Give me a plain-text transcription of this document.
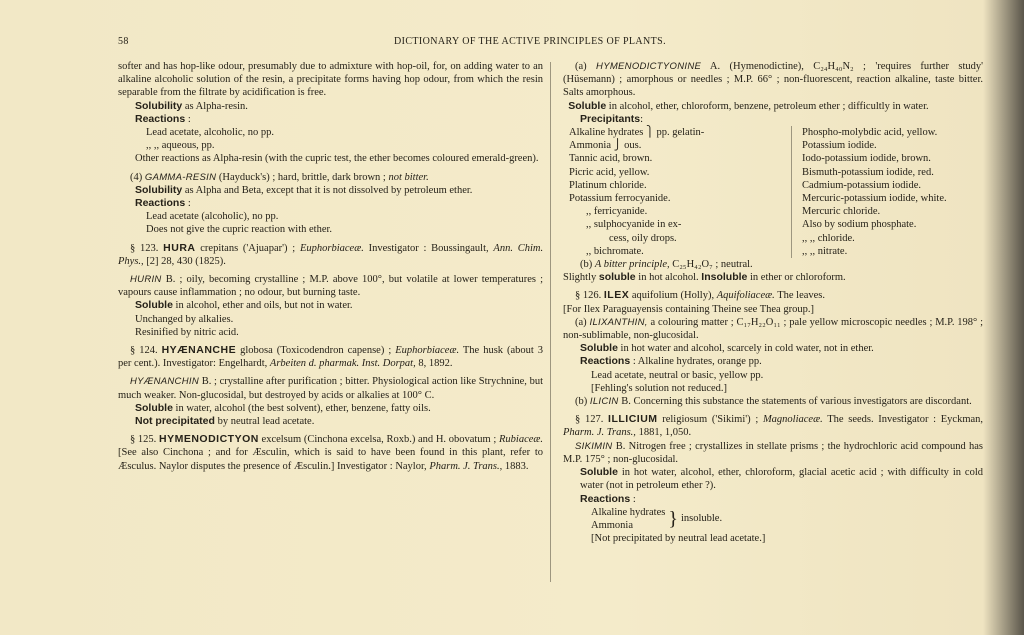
58	DICTIONARY OF THE ACTIVE PRINCIPLES OF PLANTS.

softer and has hop-like odour, presumably due to admixture with hop-oil, for, on adding water to an alkaline alcoholic solution of the resin, a precipitate forms having hop odour, from which the resin separable from the filtrate by acidification is free.

Solubility as Alpha-resin.

Reactions :

Lead acetate, alcoholic, no pp.

,, ,, aqueous, pp.

Other reactions as Alpha-resin (with the cupric test, the ether becomes coloured emerald-green).

(4) GAMMA-RESIN (Hayduck's) ; hard, brittle, dark brown ; not bitter.

Solubility as Alpha and Beta, except that it is not dissolved by petroleum ether.

Reactions :

Lead acetate (alcoholic), no pp.

Does not give the cupric reaction with ether.

§ 123. HURA crepitans ('Ajuapar') ; Euphorbiaceæ. Investigator : Boussingault, Ann. Chim. Phys., [2] 28, 430 (1825).

HURIN B. ; oily, becoming crystalline ; M.P. above 100°, but volatile at lower temperatures ; vapours cause inflammation ; no odour, but burning taste.

Soluble in alcohol, ether and oils, but not in water.

Unchanged by alkalies.

Resinified by nitric acid.

§ 124. HYÆNANCHE globosa (Toxicodendron capense) ; Euphorbiaceæ. The husk (about 3 per cent.). Investigator: Engelhardt, Arbeiten d. pharmak. Inst. Dorpat, 8, 1892.

HYÆNANCHIN B. ; crystalline after purification ; bitter. Physiological action like Strychnine, but much weaker. Non-glucosidal, but destroyed by acids or alkalies at 100° C.

Soluble in water, alcohol (the best solvent), ether, benzene, fatty oils.

Not precipitated by neutral lead acetate.

§ 125. HYMENODICTYON excelsum (Cinchona excelsa, Roxb.) and H. obovatum ; Rubiaceæ. [See also Cinchona ; and for Æsculin, which is said to have been found in this plant, refer to Æsculus. Naylor disputes the presence of Æsculin.] Investigator : Naylor, Pharm. J. Trans., 1883.

(a) HYMENODICTYONINE A. (Hymenodictine), C₂₄H₄₀N₂ ; 'requires further study' (Hüsemann) ; amorphous or needles ; M.P. 66° ; non-fluorescent, reaction alkaline, taste bitter. Salts amorphous.

Soluble in alcohol, ether, chloroform, benzene, petroleum ether ; difficultly in water.

Precipitants:

Alkaline hydrates ⎫ pp. gelatin-
Ammonia ⎭ ous.
Tannic acid, brown.
Picric acid, yellow.
Platinum chloride.
Potassium ferrocyanide.
,, ferricyanide.
,, sulphocyanide in ex-
cess, oily drops.
,, bichromate.
Phospho-molybdic acid, yellow.
Potassium iodide.
Iodo-potassium iodide, brown.
Bismuth-potassium iodide, red.
Cadmium-potassium iodide.
Mercuric-potassium iodide, white.
Mercuric chloride.
Also by sodium phosphate.
,, ,, chloride.
,, ,, nitrate.

(b) A bitter principle, C₂₅H₄₂O₇ ; neutral.

Slightly soluble in hot alcohol. Insoluble in ether or chloroform.

§ 126. ILEX aquifolium (Holly), Aquifoliaceæ. The leaves.

[For Ilex Paraguayensis containing Theine see Thea group.]

(a) ILIXANTHIN, a colouring matter ; C₁₇H₂₂O₁₁ ; pale yellow microscopic needles ; M.P. 198° ; non-sublimable, non-glucosidal.

Soluble in hot water and alcohol, scarcely in cold water, not in ether.

Reactions : Alkaline hydrates, orange pp.

Lead acetate, neutral or basic, yellow pp.

[Fehling's solution not reduced.]

(b) ILICIN B. Concerning this substance the statements of various investigators are discordant.

§ 127. ILLICIUM religiosum ('Sikimi') ; Magnoliaceæ. The seeds. Investigator : Eyckman, Pharm. J. Trans., 1881, 1,050.

SIKIMIN B. Nitrogen free ; crystallizes in stellate prisms ; the hydrochloric acid compound has M.P. 175° ; non-glucosidal.

Soluble in hot water, alcohol, ether, chloroform, glacial acetic acid ; with difficulty in cold water (not in petroleum ether ?).

Reactions :

Alkaline hydrates
Ammonia	} insoluble.

[Not precipitated by neutral lead acetate.]
